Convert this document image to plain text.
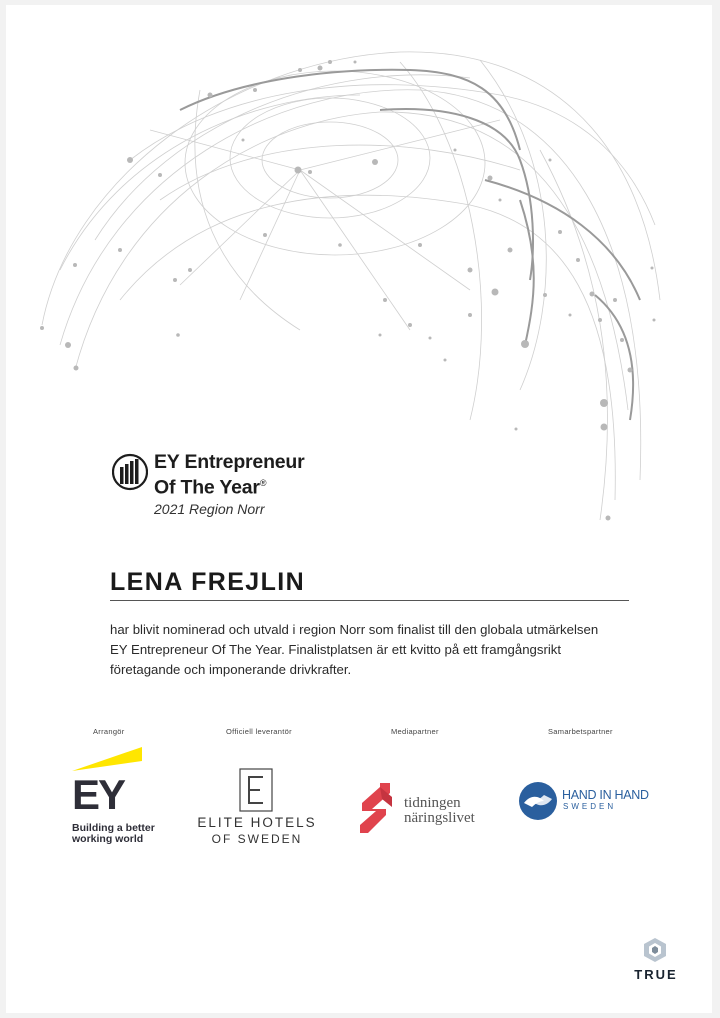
EY Entrepreneur
Of The Year®
2021 Region Norr
LENA FREJLIN
har blivit nominerad och utvald i region Norr som finalist till den globala utmärkelsen EY Entrepreneur Of The Year. Finalistplatsen är ett kvitto på ett framgångsrikt företagande och imponerande drivkrafter.
Arrangör	Officiell leverantör	Mediapartner	Samarbetspartner
EY
Building a better
working world
ELITE HOTELS
OF SWEDEN
tidningen
näringslivet
HAND IN HAND
SWEDEN
TRUE
